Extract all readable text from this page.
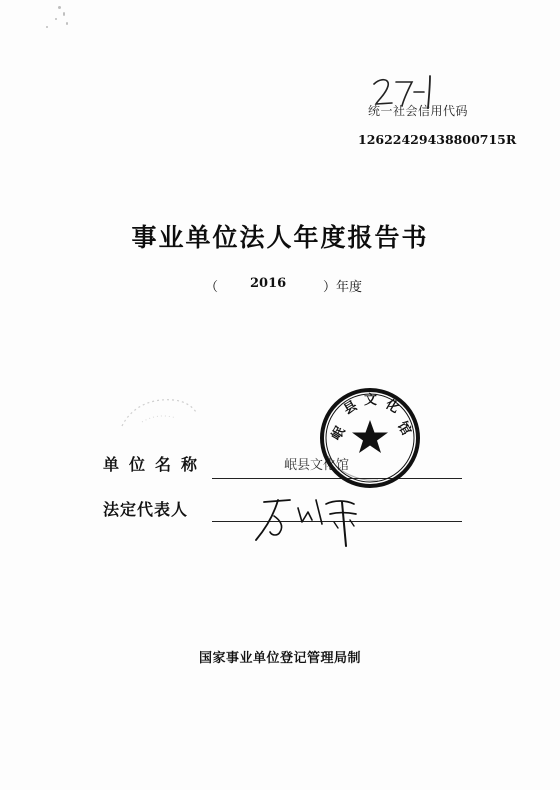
统一社会信用代码
12622429438800715R
事业单位法人年度报告书
（ 2016	）年度
单位名称	岷县文化馆
岷
县 文 化
馆
法定代表人
国家事业单位登记管理局制
